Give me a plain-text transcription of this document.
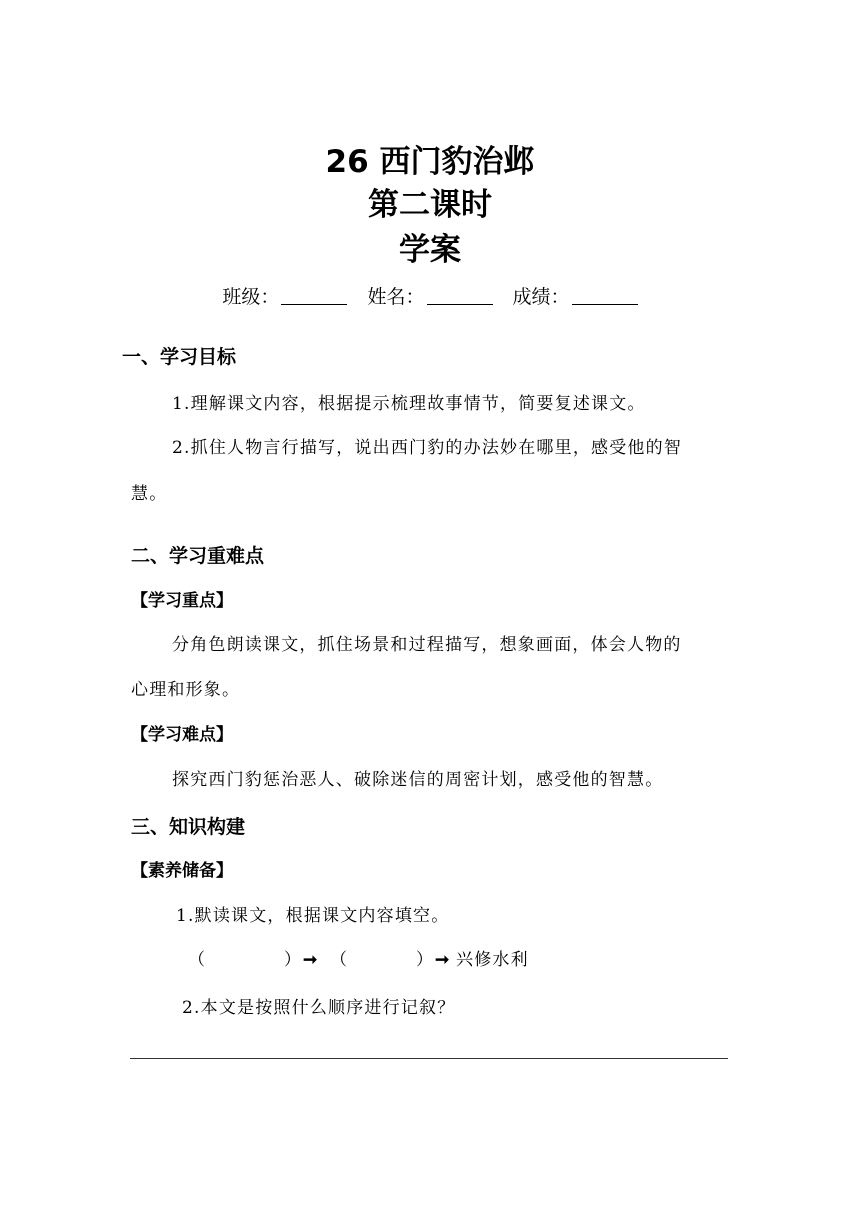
26 西门豹治邺
第二课时
学案
班级：	姓名：	成绩：
一、学习目标
1.理解课文内容，根据提示梳理故事情节，简要复述课文。
2.抓住人物言行描写，说出西门豹的办法妙在哪里，感受他的智
慧。
二、学习重难点
【学习重点】
分角色朗读课文，抓住场景和过程描写，想象画面，体会人物的
心理和形象。
【学习难点】
探究西门豹惩治恶人、破除迷信的周密计划，感受他的智慧。
三、知识构建
【素养储备】
1.默读课文，根据课文内容填空。
（	） ➞ （	） ➞ 兴修水利
2.本文是按照什么顺序进行记叙？
